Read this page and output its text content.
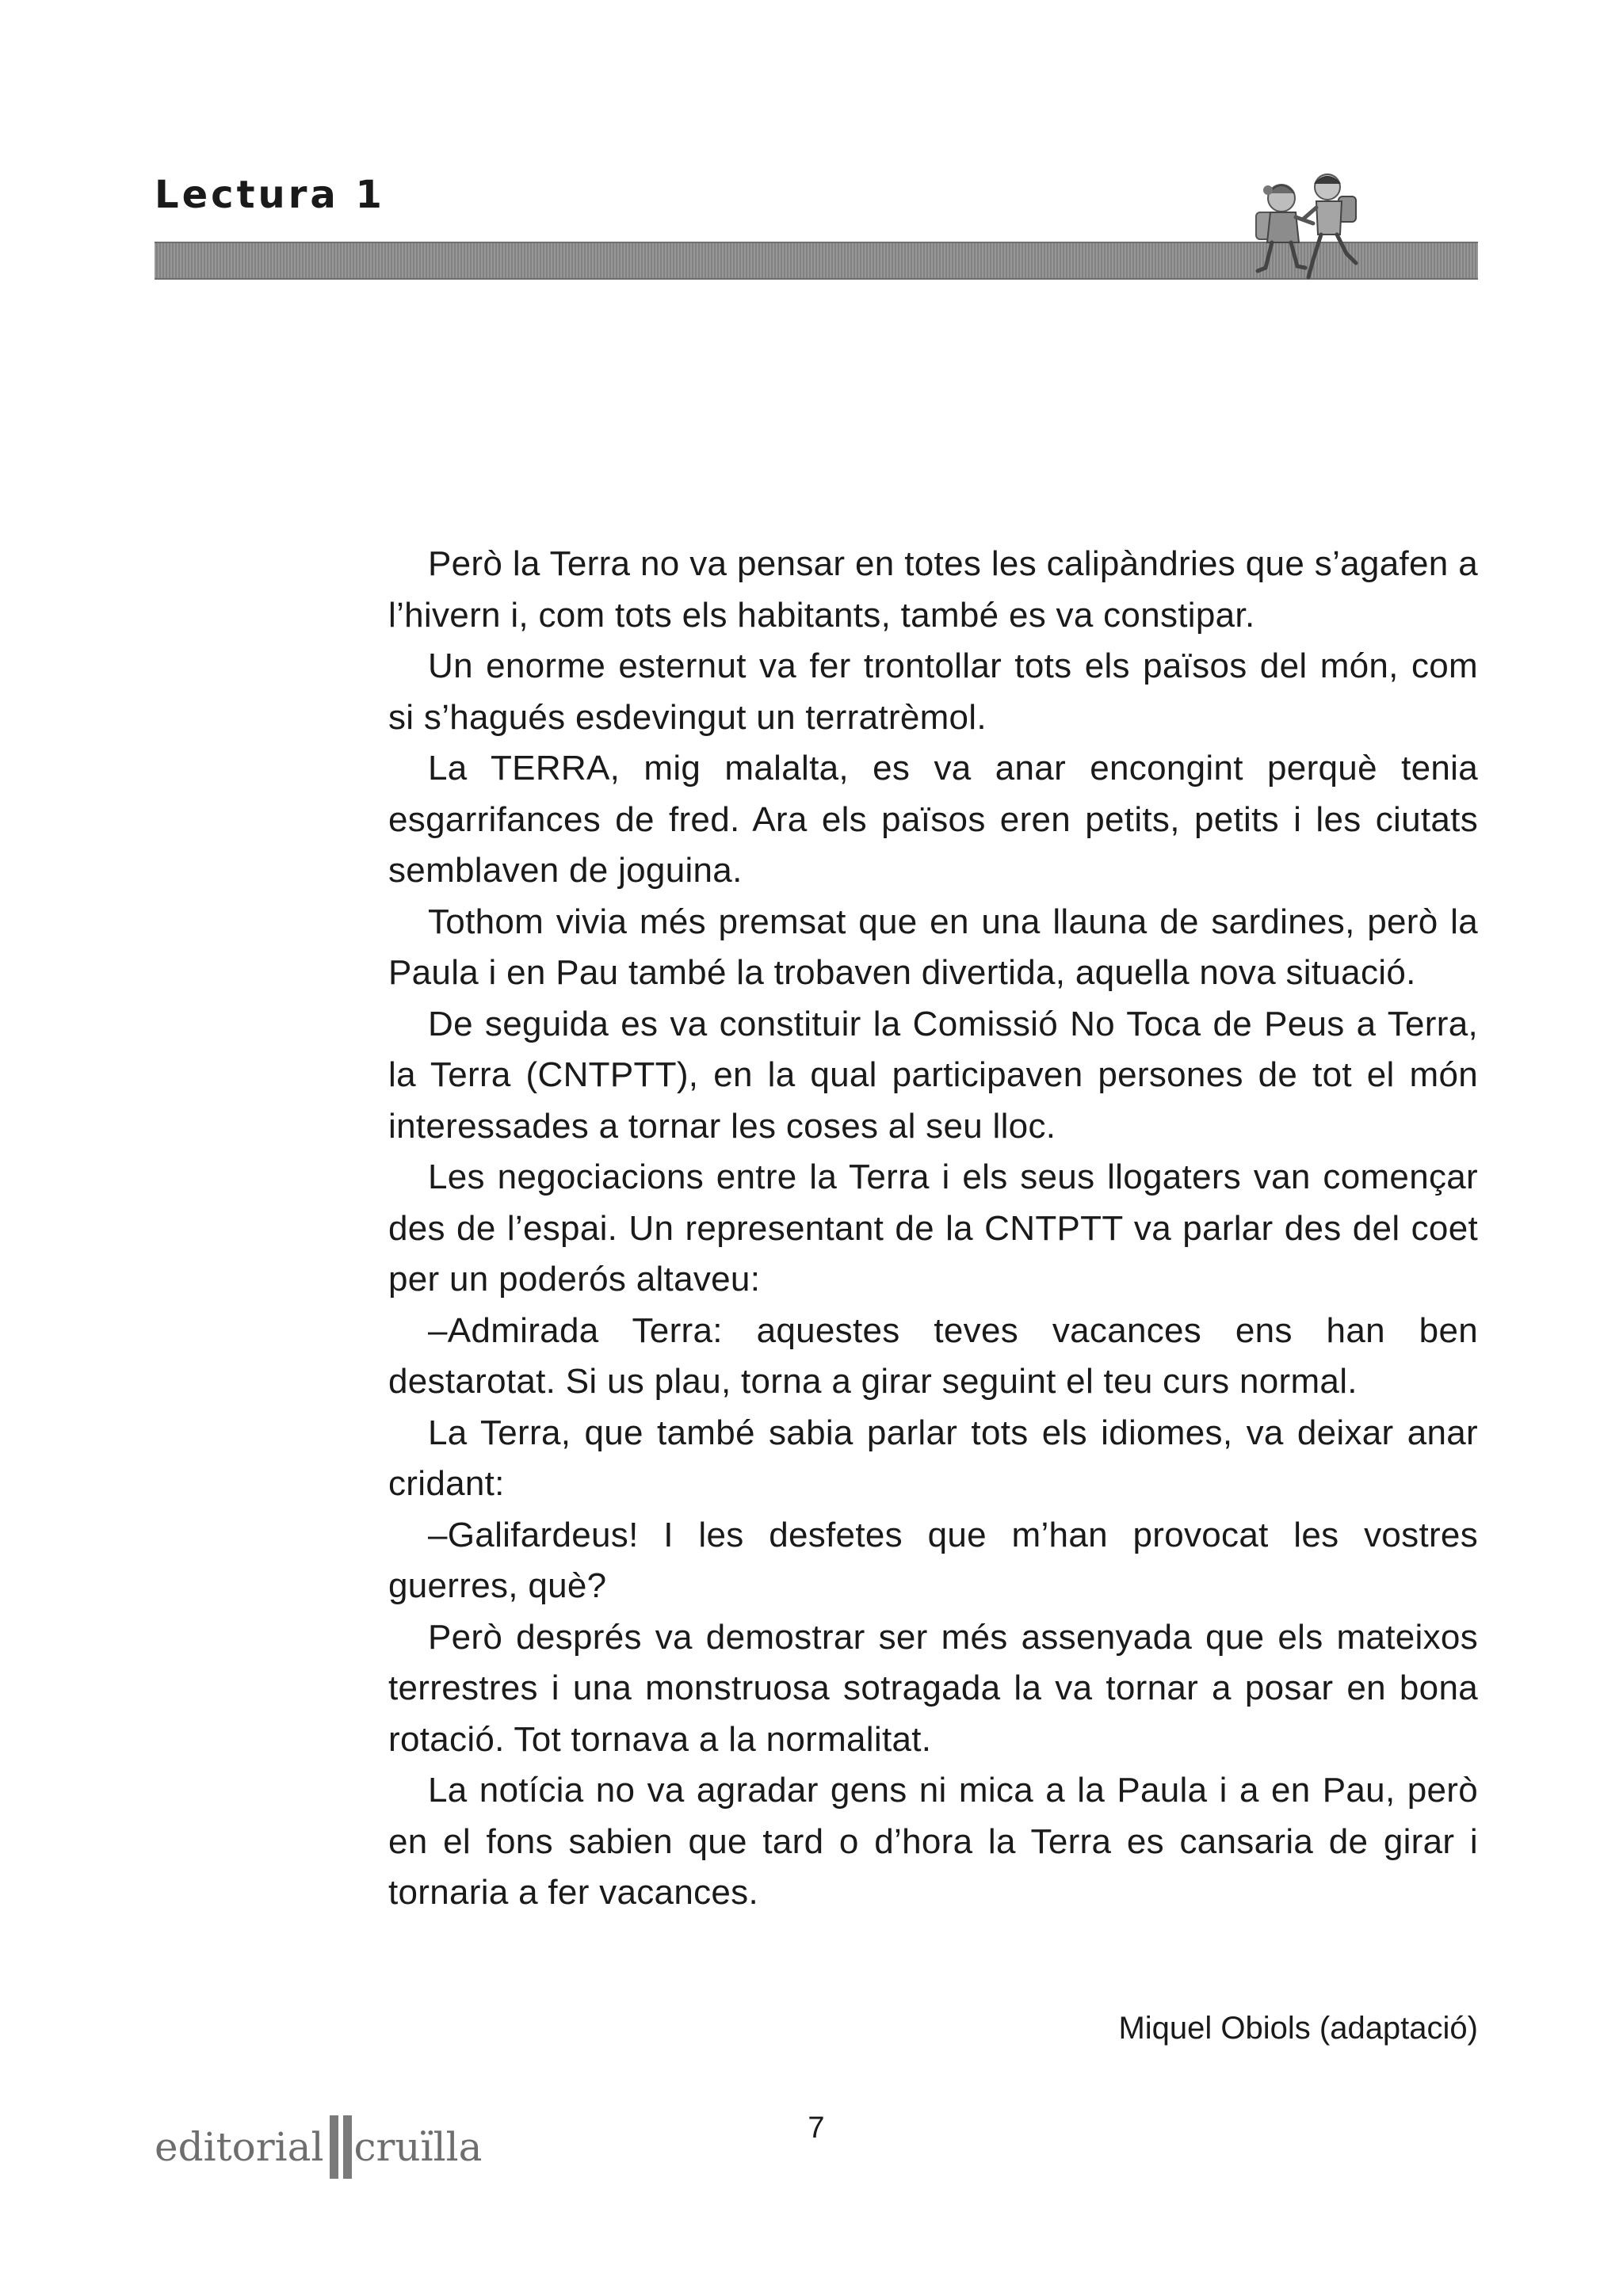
Lectura 1

Però la Terra no va pensar en totes les calipàndries que s’agafen a l’hivern i, com tots els habitants, també es va constipar.

Un enorme esternut va fer trontollar tots els països del món, com si s’hagués esdevingut un terratrèmol.

La TERRA, mig malalta, es va anar encongint perquè tenia esgarrifances de fred. Ara els països eren petits, petits i les ciutats semblaven de joguina.

Tothom vivia més premsat que en una llauna de sardines, però la Paula i en Pau també la trobaven divertida, aquella nova situació.

De seguida es va constituir la Comissió No Toca de Peus a Terra, la Terra (CNTPTT), en la qual participaven persones de tot el món interessades a tornar les coses al seu lloc.

Les negociacions entre la Terra i els seus llogaters van començar des de l’espai. Un representant de la CNTPTT va parlar des del coet per un poderós altaveu:

–Admirada Terra: aquestes teves vacances ens han ben destarotat. Si us plau, torna a girar seguint el teu curs normal.

La Terra, que també sabia parlar tots els idiomes, va deixar anar cridant:

–Galifardeus! I les desfetes que m’han provocat les vostres guerres, què?

Però després va demostrar ser més assenyada que els mateixos terrestres i una monstruosa sotragada la va tornar a posar en bona rotació. Tot tornava a la normalitat.

La notícia no va agradar gens ni mica a la Paula i a en Pau, però en el fons sabien que tard o d’hora la Terra es cansaria de girar i tornaria a fer vacances.

Miquel Obiols (adaptació)
editorial cruïlla	7
